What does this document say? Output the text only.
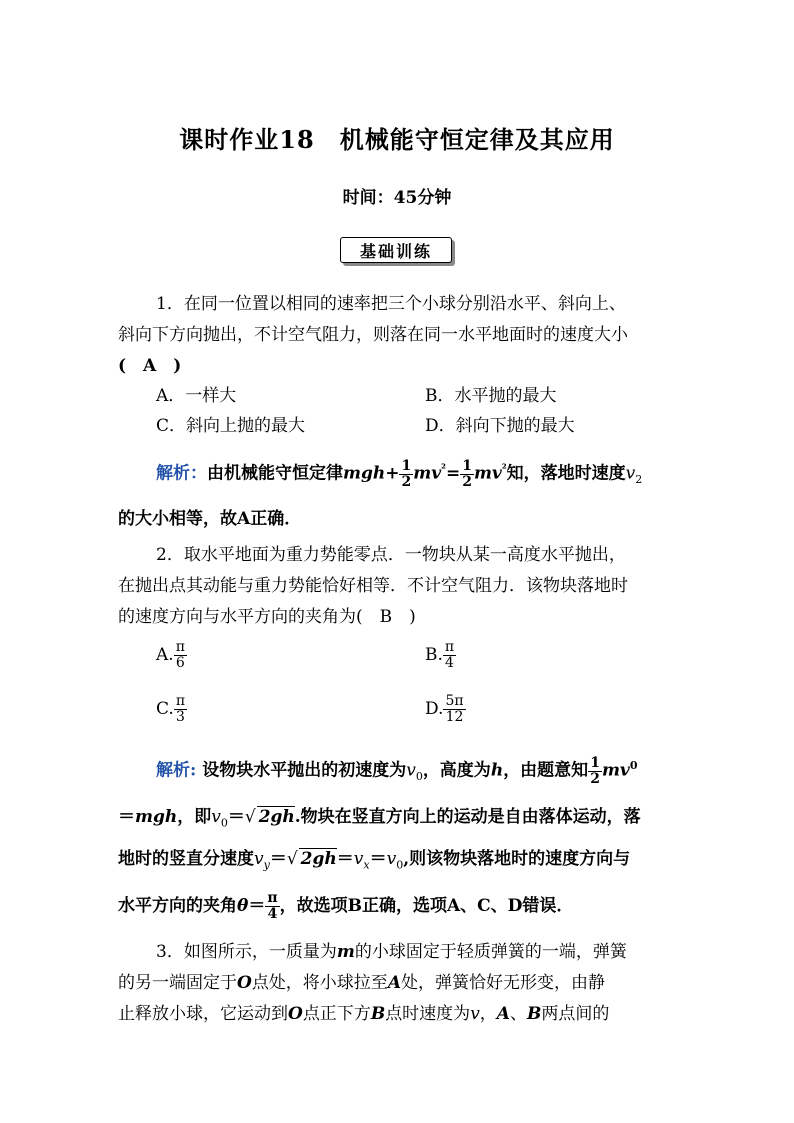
课时作业18　机械能守恒定律及其应用
时间：45分钟
基础训练
1．在同一位置以相同的速率把三个小球分别沿水平、斜向上、
斜向下方向抛出，不计空气阻力，则落在同一水平地面时的速度大小
(　A　)
A．一样大	B．水平抛的最大
C．斜向上抛的最大	D．斜向下抛的最大
解析：由机械能守恒定律$mgh+ \frac{1}{2} mv^{^2}= \frac{1}{2} mv^{^2}$知，落地时速度$v_2$
的大小相等，故A正确．
2．取水平地面为重力势能零点．一物块从某一高度水平抛出，
在抛出点其动能与重力势能恰好相等．不计空气阻力．该物块落地时
的速度方向与水平方向的夹角为(　B　)
A. $\frac{\pi}{6}$	B. $\frac{\pi}{4}$
C. $\frac{\pi}{3}$	D. $\frac{5\pi}{12}$
解析: 设物块水平抛出的初速度为$v_0$，高度为h，由题意知 $\frac{1}{2} mv^0$
＝mgh，即$v_0=√$ 2gh.物块在竖直方向上的运动是自由落体运动，落
地时的竖直分速度$v_y=√$ $2gh=v_x=v_0$,则该物块落地时的速度方向与
水平方向的夹角$\theta= \frac{\pi}{4}$ ，故选项B正确，选项A、C、D错误．
3．如图所示，一质量为m的小球固定于轻质弹簧的一端，弹簧
的另一端固定于O点处，将小球拉至A处，弹簧恰好无形变，由静
止释放小球，它运动到O点正下方B点时速度为v，A、B两点间的
